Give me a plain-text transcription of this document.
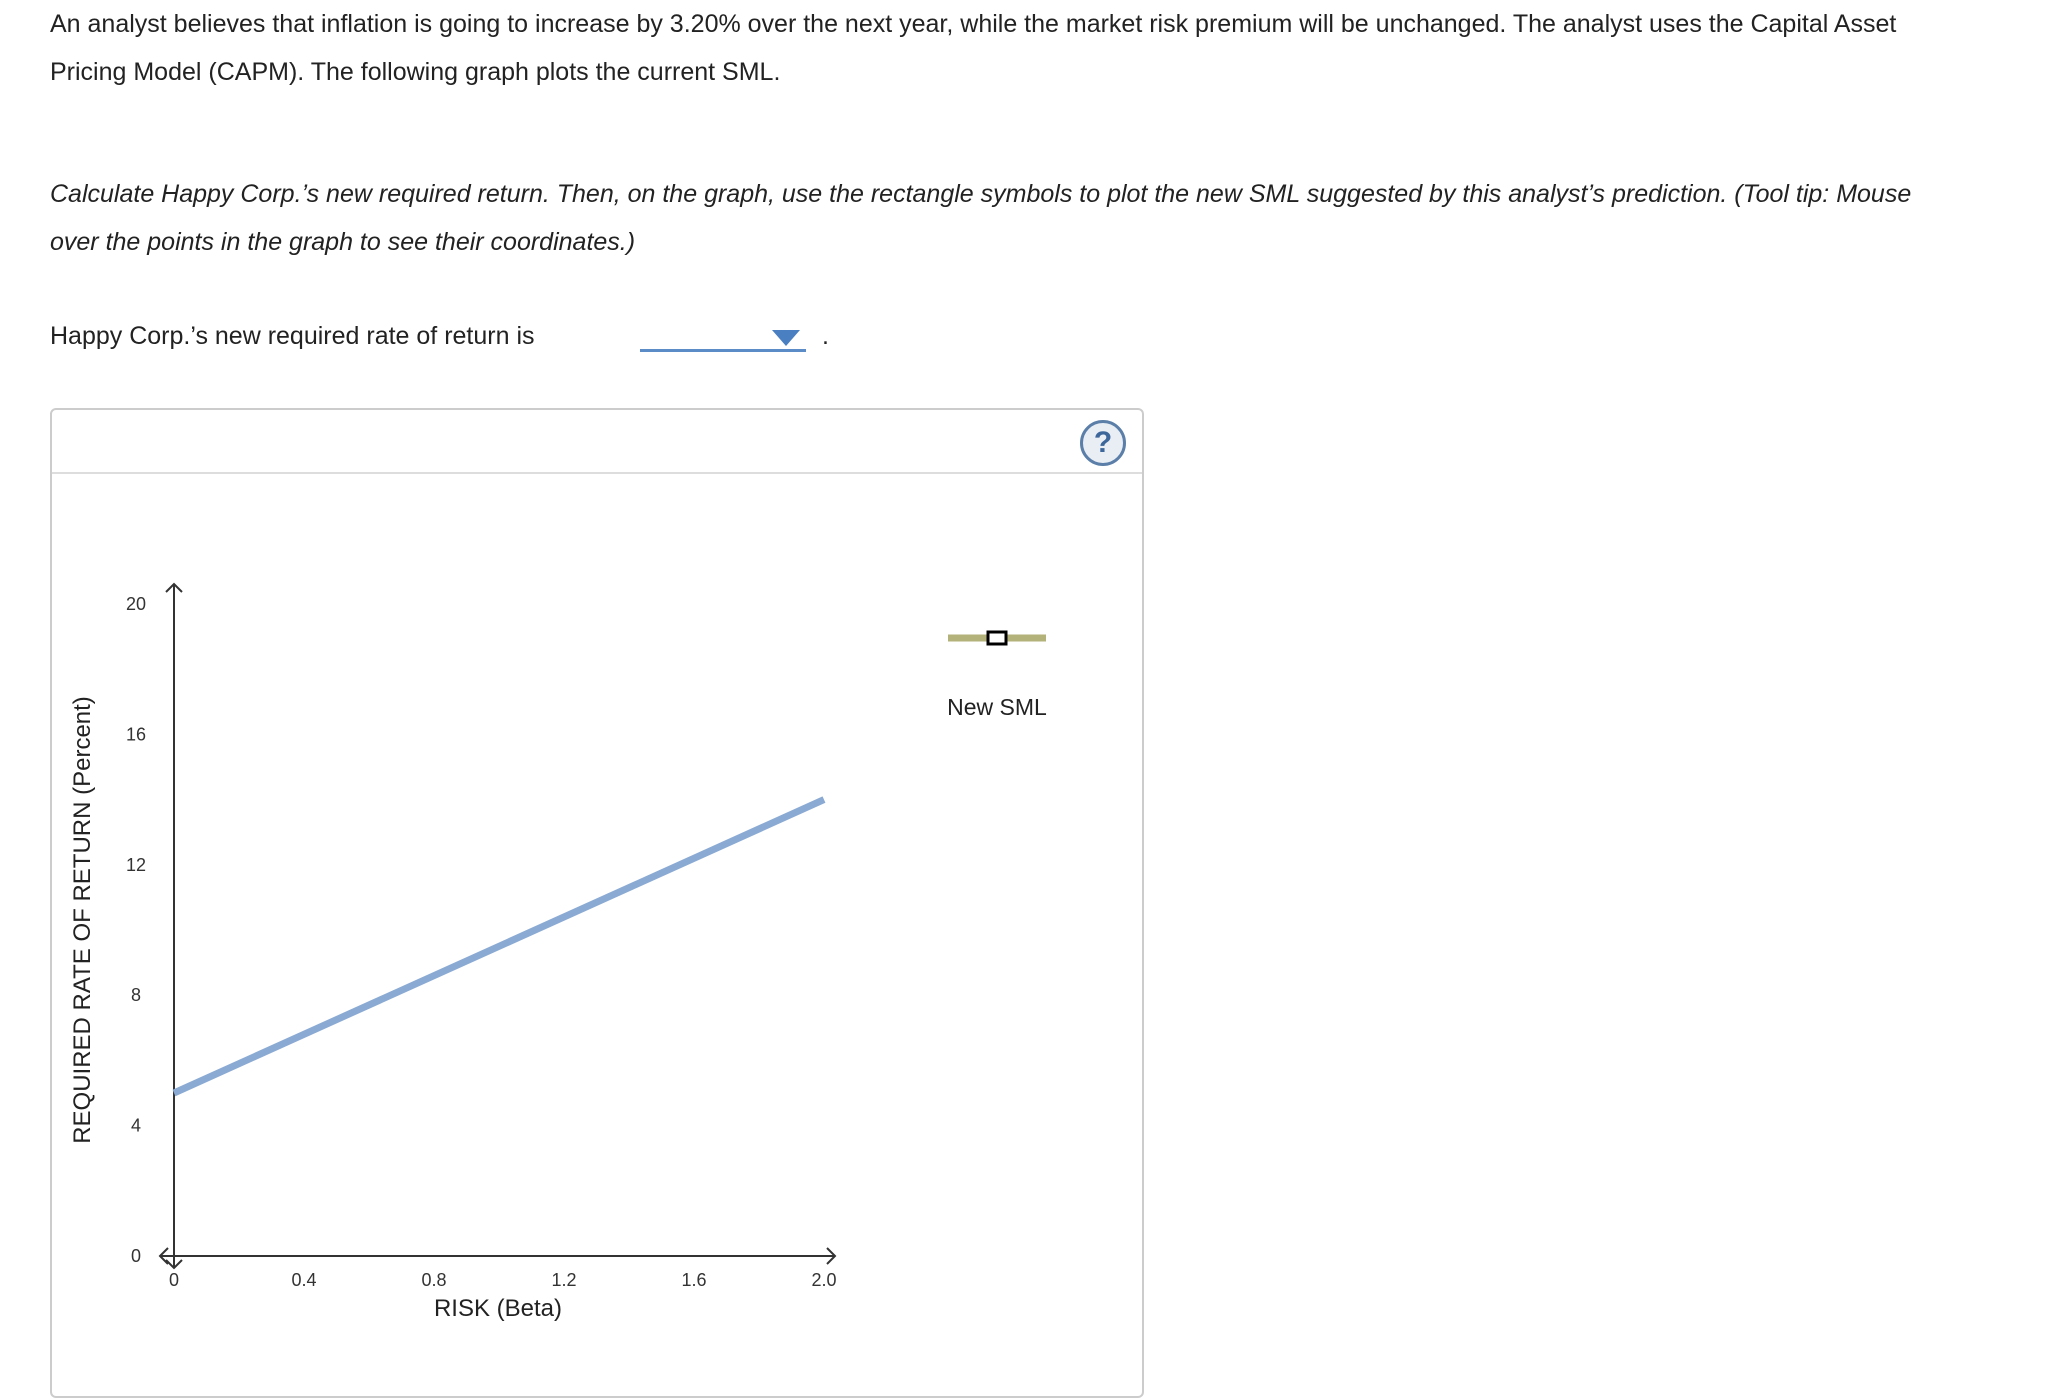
An analyst believes that inflation is going to increase by 3.20% over the next year, while the market risk premium will be unchanged. The analyst uses the Capital Asset Pricing Model (CAPM). The following graph plots the current SML.
Calculate Happy Corp.’s new required return. Then, on the graph, use the rectangle symbols to plot the new SML suggested by this analyst’s prediction. (Tool tip: Mouse over the points in the graph to see their coordinates.)
Happy Corp.’s new required rate of return is	.
?
0	0.4	0.8	1.2	1.6	2.0
0
4
8
12
16
20
RISK (Beta)
REQUIRED RATE OF RETURN (Percent)	New SML
